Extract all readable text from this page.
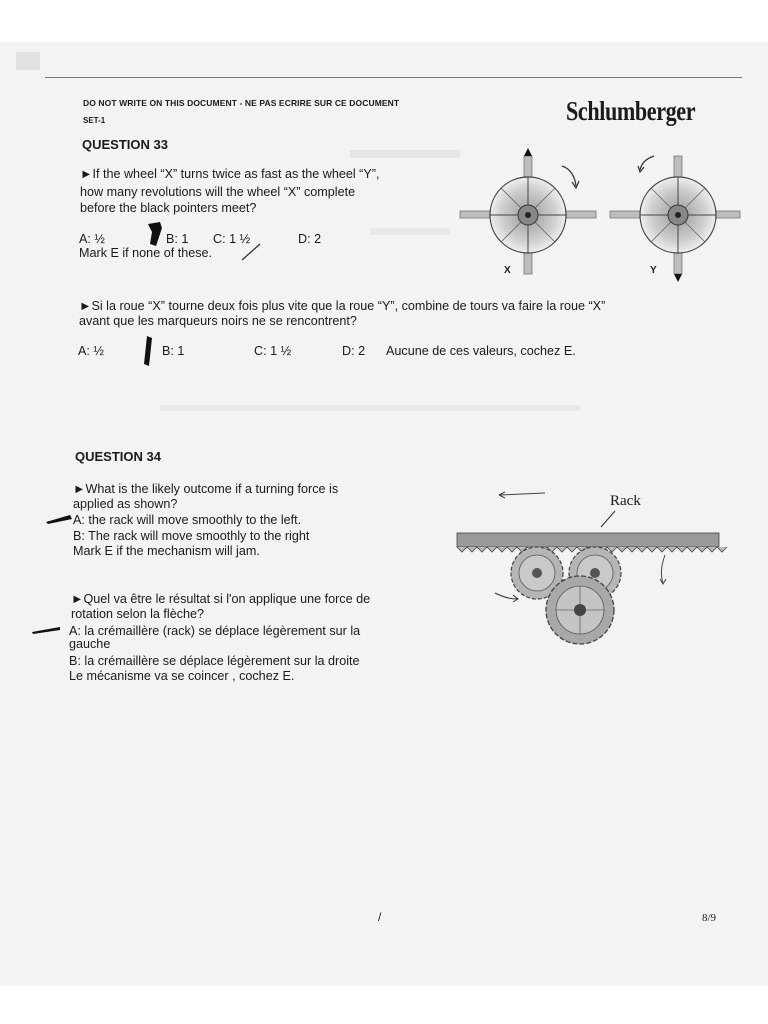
DO NOT WRITE ON THIS DOCUMENT - NE PAS ECRIRE SUR CE DOCUMENT
SET-1	Schlumberger
QUESTION 33
►If the wheel “X” turns twice as fast as the wheel “Y”,
how many revolutions will the wheel “X” complete
before the black pointers meet?
A: ½	B: 1 C: 1 ½	D: 2
Mark E if none of these.
X	Y
►Si la roue “X” tourne deux fois plus vite que la roue “Y”, combine de tours va faire la roue “X”
avant que les marqueurs noirs ne se rencontrent?
A: ½	B: 1	C: 1 ½	D: 2 Aucune de ces valeurs, cochez E.
QUESTION 34
►What is the likely outcome if a turning force is
applied as shown?
A: the rack will move smoothly to the left.
B: The rack will move smoothly to the right
Mark E if the mechanism will jam.
►Quel va être le résultat si l'on applique une force de
rotation selon la flèche?
A: la crémaillère (rack) se déplace légèrement sur la
gauche
B: la crémaillère se déplace légèrement sur la droite
Le mécanisme va se coincer , cochez E.
Rack
/	8/9
